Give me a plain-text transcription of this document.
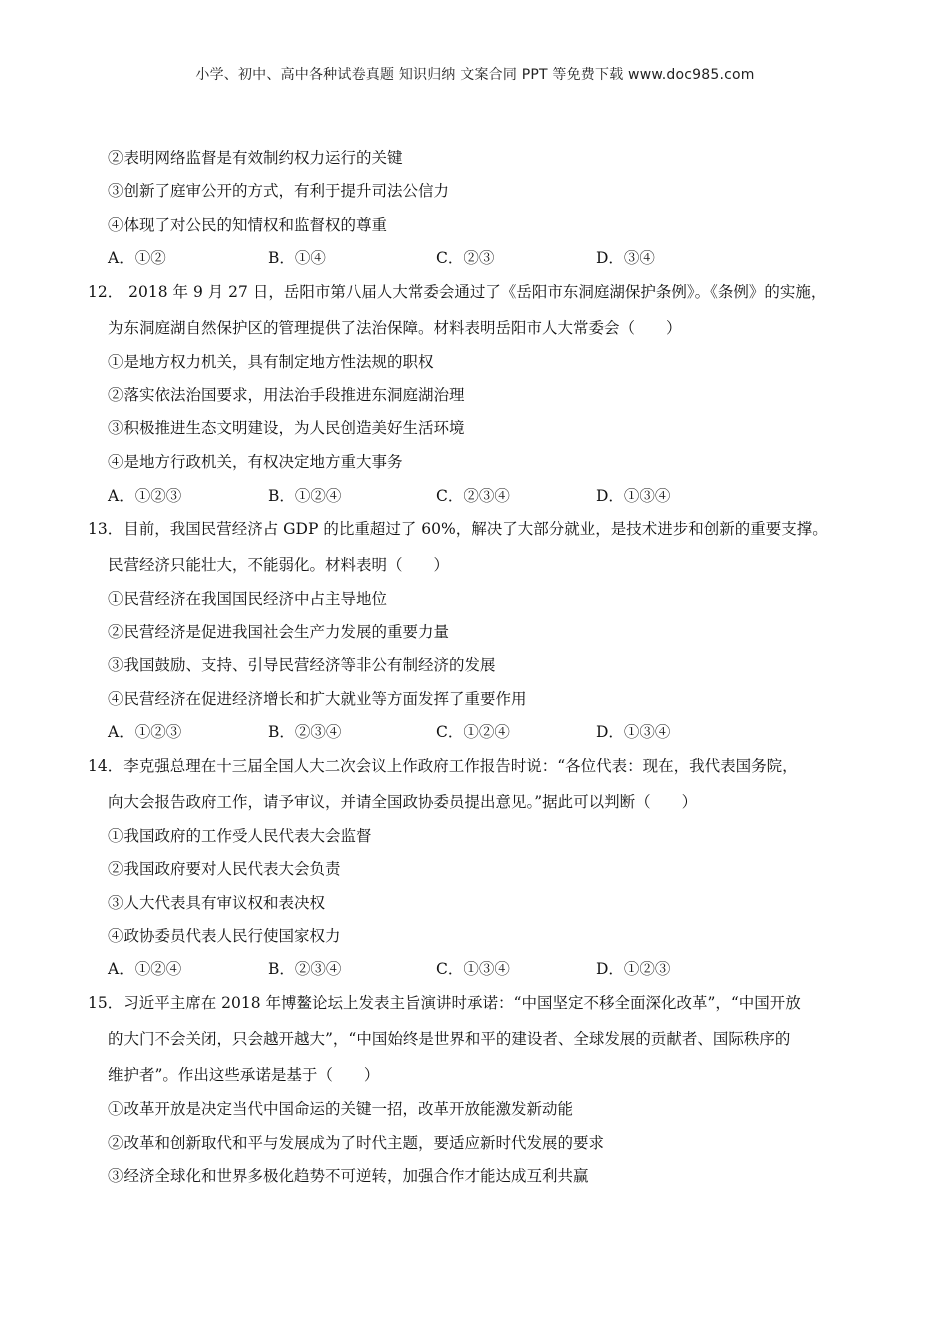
小学、初中、高中各种试卷真题 知识归纳 文案合同 PPT 等免费下载 www.doc985.com
②表明网络监督是有效制约权力运行的关键
③创新了庭审公开的方式，有利于提升司法公信力
④体现了对公民的知情权和监督权的尊重
A．①②	B．①④	C．②③	D．③④
12． 2018 年 9 月 27 日，岳阳市第八届人大常委会通过了《岳阳市东洞庭湖保护条例》。《条例》的实施，
为东洞庭湖自然保护区的管理提供了法治保障。材料表明岳阳市人大常委会（　　）
①是地方权力机关，具有制定地方性法规的职权
②落实依法治国要求，用法治手段推进东洞庭湖治理
③积极推进生态文明建设，为人民创造美好生活环境
④是地方行政机关，有权决定地方重大事务
A．①②③	B．①②④	C．②③④	D．①③④
13．目前，我国民营经济占 GDP 的比重超过了 60%，解决了大部分就业，是技术进步和创新的重要支撑。
民营经济只能壮大，不能弱化。材料表明（　　）
①民营经济在我国国民经济中占主导地位
②民营经济是促进我国社会生产力发展的重要力量
③我国鼓励、支持、引导民营经济等非公有制经济的发展
④民营经济在促进经济增长和扩大就业等方面发挥了重要作用
A．①②③	B．②③④	C．①②④	D．①③④
14．李克强总理在十三届全国人大二次会议上作政府工作报告时说：“各位代表：现在，我代表国务院，
向大会报告政府工作，请予审议，并请全国政协委员提出意见。”据此可以判断（　　）
①我国政府的工作受人民代表大会监督
②我国政府要对人民代表大会负责
③人大代表具有审议权和表决权
④政协委员代表人民行使国家权力
A．①②④	B．②③④	C．①③④	D．①②③
15．习近平主席在 2018 年博鳌论坛上发表主旨演讲时承诺：“中国坚定不移全面深化改革”，“中国开放
的大门不会关闭，只会越开越大”，“中国始终是世界和平的建设者、全球发展的贡献者、国际秩序的
维护者”。作出这些承诺是基于（　　）
①改革开放是决定当代中国命运的关键一招，改革开放能激发新动能
②改革和创新取代和平与发展成为了时代主题，要适应新时代发展的要求
③经济全球化和世界多极化趋势不可逆转，加强合作才能达成互利共赢
